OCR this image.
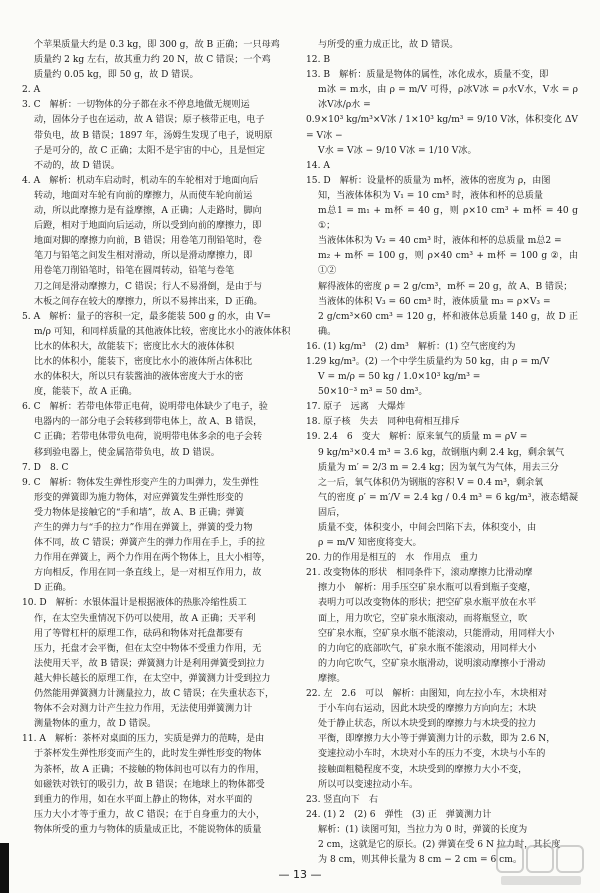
个苹果质量大约是 0.3 kg，即 300 g，故 B 正确；一只母鸡

质量约 2 kg 左右，故其重力约 20 N，故 C 错误；一个鸡

质量约 0.05 kg，即 50 g，故 D 错误。

2. A

3. C　解析：一切物体的分子都在永不停息地做无规则运

动，固体分子也在运动，故 A 错误；原子核带正电，电子

带负电，故 B 错误；1897 年，汤姆生发现了电子，说明原

子是可分的，故 C 正确；太阳不是宇宙的中心，且是恒定

不动的，故 D 错误。

4. A　解析：机动车启动时，机动车的车轮相对于地面向后

转动，地面对车轮有向前的摩擦力，从而使车轮向前运

动，所以此摩擦力是有益摩擦，A 正确；人走路时，脚向

后蹬，相对于地面向后运动，所以受到向前的摩擦力，即

地面对脚的摩擦力向前，B 错误；用卷笔刀削铅笔时，卷

笔刀与铅笔之间发生相对滑动，所以是滑动摩擦力，即

用卷笔刀削铅笔时，铅笔在圆周转动，铅笔与卷笔

刀之间是滑动摩擦力，C 错误；行人不易滑倒，是由于与

木板之间存在较大的摩擦力，所以不易摔出来，D 正确。

5. A　解析：量子的容积一定，最多能装 500 g 的水，由 V=

m/ρ 可知，和同样质量的其他液体比较，密度比水小的液体体积

比水的体积大，故能装下；密度比水大的液体体积

比水的体积小，能装下，密度比水小的液体所占体积比

水的体积大，所以只有装酱油的液体密度大于水的密

度，能装下，故 A 正确。

6. C　解析：若带电体带正电荷，说明带电体缺少了电子，验

电器内的一部分电子会转移到带电体上，故 A、B 错误，

C 正确；若带电体带负电荷，说明带电体多余的电子会转

移到验电器上，使金属箔带负电，故 D 错误。

7. D　8. C

9. C　解析：物体发生弹性形变产生的力叫弹力，发生弹性

形变的弹簧即为施力物体，对应弹簧发生弹性形变的

受力物体是接触它的“手和墙”，故 A、B 正确；弹簧

产生的弹力与“手的拉力”作用在弹簧上，弹簧的受力物

体不同，故 C 错误；弹簧产生的弹力作用在手上，手的拉

力作用在弹簧上，两个力作用在两个物体上，且大小相等，

方向相反，作用在同一条直线上，是一对相互作用力，故

D 正确。

10. D　解析：水银体温计是根据液体的热胀冷缩性质工

作，在太空失重情况下仍可以使用，故 A 正确；天平利

用了等臂杠杆的原理工作，砝码和物体对托盘都要有

压力，托盘才会平衡，但在太空中物体不受重力作用，无

法使用天平，故 B 错误；弹簧测力计是利用弹簧受到拉力

越大伸长越长的原理工作，在太空中，弹簧测力计受到拉力

仍然能用弹簧测力计测量拉力，故 C 错误；在失重状态下，

物体不会对测力计产生拉力作用，无法使用弹簧测力计

测量物体的重力，故 D 错误。

11. A　解析：茶杯对桌面的压力，实质是弹力的范畴，是由

于茶杯发生弹性形变而产生的，此时发生弹性形变的物体

为茶杯，故 A 正确；不接触的物体间也可以有力的作用，

如磁铁对铁钉的吸引力，故 B 错误；在地球上的物体都受

到重力的作用，如在水平面上静止的物体，对水平面的

压力大小才等于重力，故 C 错误；在于自身重力的大小，

物体所受的重力与物体的质量成正比，不能说物体的质量

与所受的重力成正比，故 D 错误。

12. B

13. B　解析：质量是物体的属性，冰化成水，质量不变，即

m冰 = m水，由 ρ = m/V 可得，ρ冰V冰 = ρ水V水，V水 = ρ冰V冰/ρ水 =

0.9×10³ kg/m³×V冰 / 1×10³ kg/m³ = 9/10 V冰，体积变化 ΔV = V冰 −

V水 = V冰 − 9/10 V冰 = 1/10 V冰。

14. A

15. D　解析：设量杯的质量为 m杯，液体的密度为 ρ，由图

知，当液体体积为 V₁ = 10 cm³ 时，液体和杯的总质量

m总1 = m₁ + m杯 = 40 g，则 ρ×10 cm³ + m杯 = 40 g ①；

当液体体积为 V₂ = 40 cm³ 时，液体和杯的总质量 m总2 =

m₂ + m杯 = 100 g，则 ρ×40 cm³ + m杯 = 100 g ②，由①②

解得液体的密度 ρ = 2 g/cm³，m杯 = 20 g，故 A、B 错误；

当液体的体积 V₃ = 60 cm³ 时，液体质量 m₃ = ρ×V₃ =

2 g/cm³×60 cm³ = 120 g，杯和液体总质量 140 g，故 D 正确。

16. (1) kg/m³　(2) dm³　解析：(1) 空气密度约为

1.29 kg/m³。(2) 一个中学生质量约为 50 kg，由 ρ = m/V

V = m/ρ = 50 kg / 1.0×10³ kg/m³ =

50×10⁻³ m³ = 50 dm³。

17. 原子　远离　大爆炸

18. 原子核　失去　同种电荷相互排斥

19. 2.4　6　变大　解析：原来氧气的质量 m = ρV =

9 kg/m³×0.4 m³ = 3.6 kg，故钢瓶内剩 2.4 kg，剩余氧气

质量为 m′ = 2/3 m = 2.4 kg；因为氧气为气体，用去三分

之一后，氧气体积仍为钢瓶的容积 V = 0.4 m³，剩余氧

气的密度 ρ′ = m′/V = 2.4 kg / 0.4 m³ = 6 kg/m³，液态蜡凝固后，

质量不变，体积变小，中间会凹陷下去，体积变小，由

ρ = m/V 知密度将变大。

20. 力的作用是相互的　水　作用点　重力

21. 改变物体的形状　相同条件下，滚动摩擦力比滑动摩

擦力小　解析：用手压空矿泉水瓶可以看到瓶子变瘪，

表明力可以改变物体的形状；把空矿泉水瓶平放在水平

面上，用力吹它，空矿泉水瓶滚动，而将瓶竖立，吹

空矿泉水瓶，空矿泉水瓶不能滚动，只能滑动，用同样大小

的力向它的底部吹气，矿泉水瓶不能滚动，用同样大小

的力向它吹气，空矿泉水瓶滑动，说明滚动摩擦小于滑动

摩擦。

22. 左　2.6　可以　解析：由图知，向左拉小车，木块相对

于小车向右运动，因此木块受的摩擦力方向向左；木块

处于静止状态，所以木块受到的摩擦力与木块受的拉力

平衡，即摩擦力大小等于弹簧测力计的示数，即为 2.6 N，

变速拉动小车时，木块对小车的压力不变，木块与小车的

接触面粗糙程度不变，木块受到的摩擦力大小不变，

所以可以变速拉动小车。

23. 竖直向下　右

24. (1) 2　(2) 6　弹性　(3) 正　弹簧测力计

解析：(1) 读图可知，当拉力为 0 时，弹簧的长度为

2 cm，这就是它的原长。(2) 弹簧在受 6 N 拉力时，其长度

为 8 cm，则其伸长量为 8 cm − 2 cm = 6 cm。

— 13 —
